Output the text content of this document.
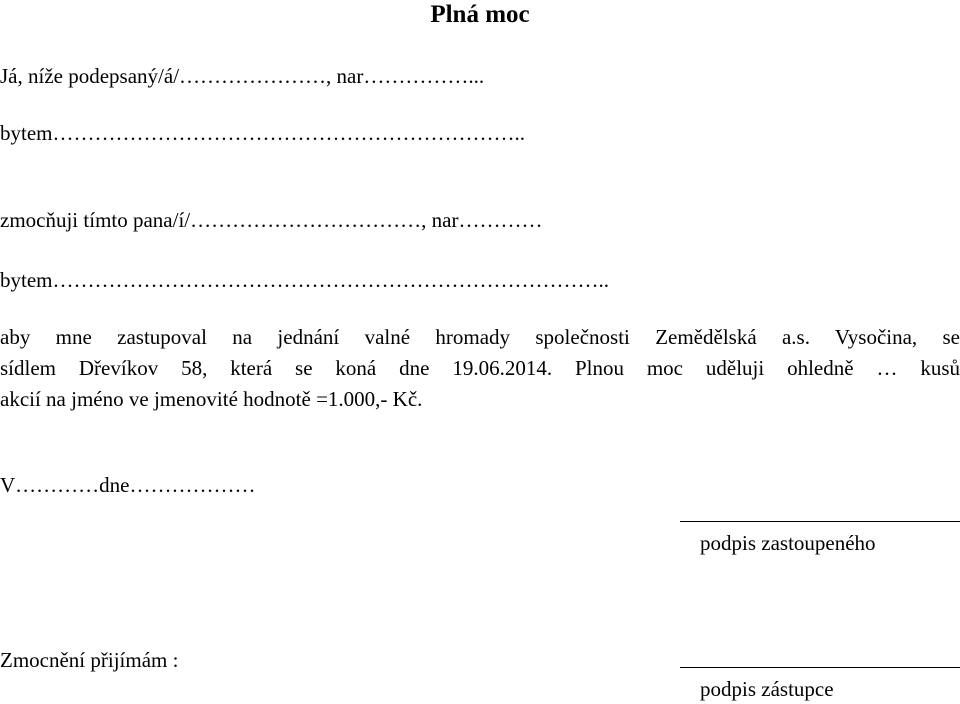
Plná moc
Já, níže podepsaný/á/…………………, nar……………...
bytem…………………………………………………………..
zmocňuji tímto pana/í/……………………………, nar…………
bytem……………………………………………………………………..
aby mne zastupoval na jednání valné hromady společnosti Zemědělská a.s. Vysočina, se
sídlem Dřevíkov 58, která se koná dne 19.06.2014. Plnou moc uděluji ohledně … kusů
akcií na jméno ve jmenovité hodnotě =1.000,- Kč.
V…………dne………………
podpis zastoupeného
Zmocnění přijímám :
podpis zástupce
